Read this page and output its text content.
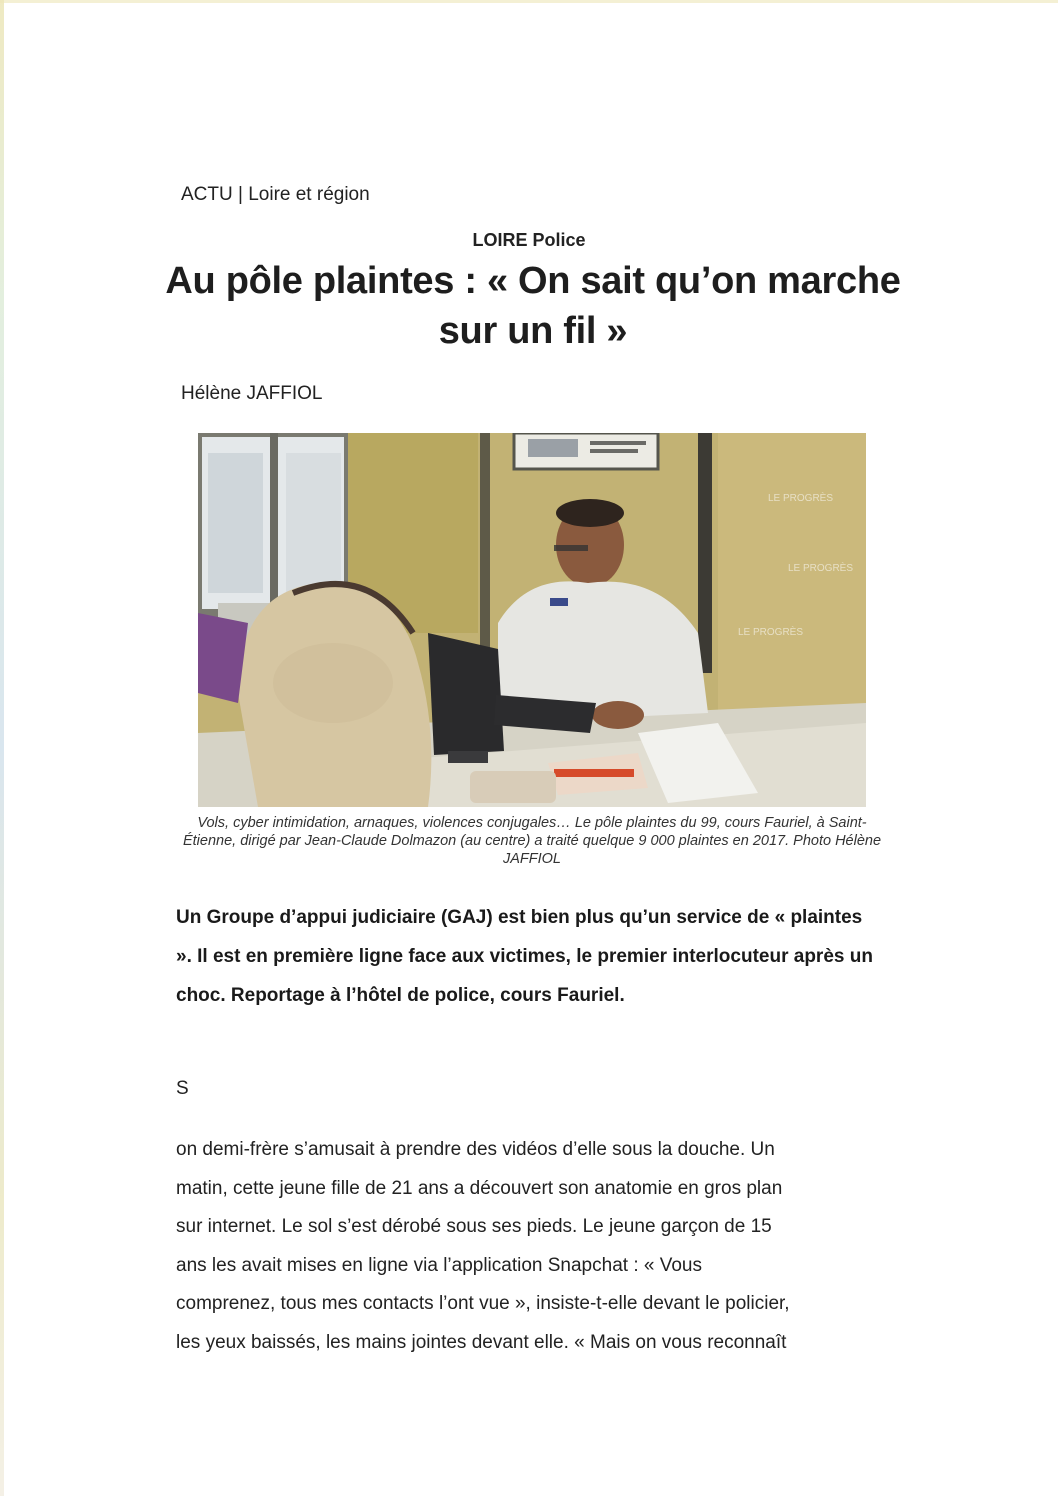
ACTU | Loire et région
LOIRE Police
Au pôle plaintes : « On sait qu’on marche sur un fil »
Hélène JAFFIOL
LE PROGRÈS
LE PROGRÈS
LE PROGRÈS

Vols, cyber intimidation, arnaques, violences conjugales… Le pôle plaintes du 99, cours Fauriel, à Saint-Étienne, dirigé par Jean-Claude Dolmazon (au centre) a traité quelque 9 000 plaintes en 2017. Photo Hélène JAFFIOL

Un Groupe d’appui judiciaire (GAJ) est bien plus qu’un service de « plaintes ». Il est en première ligne face aux victimes, le premier interlocuteur après un choc. Reportage à l’hôtel de police, cours Fauriel.

S
on demi-frère s’amusait à prendre des vidéos d’elle sous la douche. Un
matin, cette jeune fille de 21 ans a découvert son anatomie en gros plan
sur internet. Le sol s’est dérobé sous ses pieds. Le jeune garçon de 15
ans les avait mises en ligne via l’application Snapchat : « Vous
comprenez, tous mes contacts l’ont vue », insiste-t-elle devant le policier,
les yeux baissés, les mains jointes devant elle. « Mais on vous reconnaît
